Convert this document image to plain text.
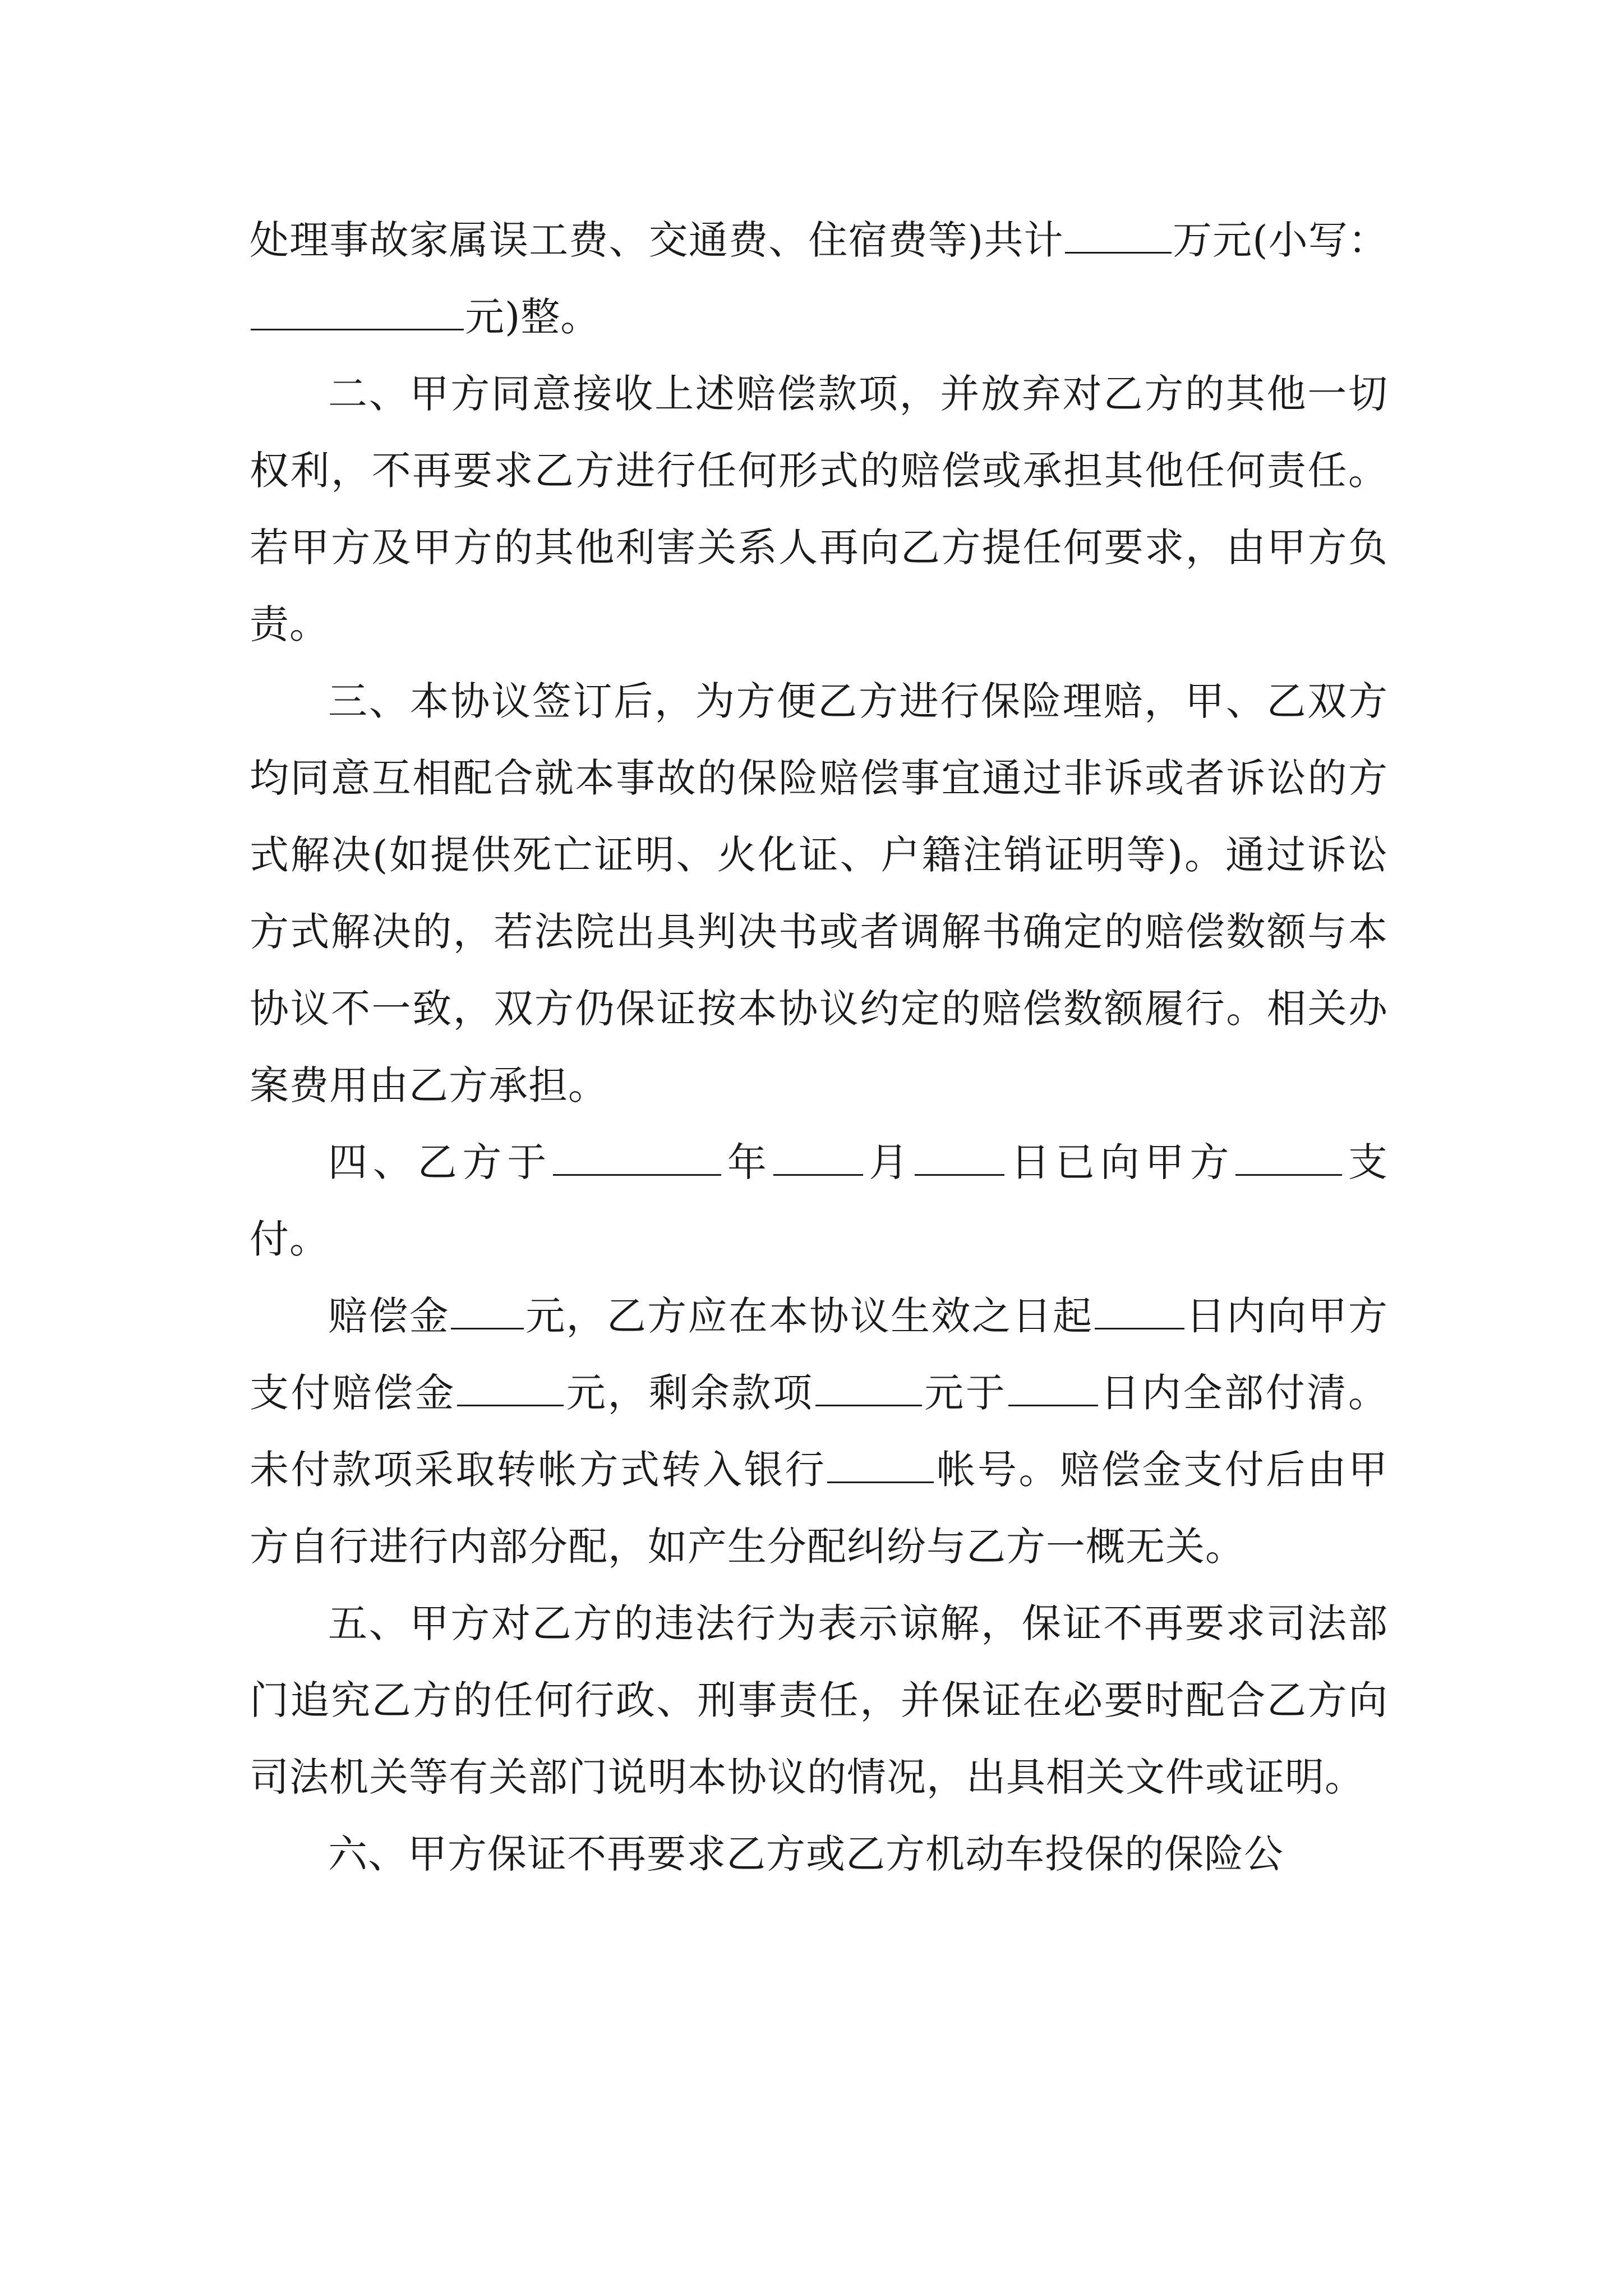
处理事故家属误工费、交通费、住宿费等)共计	万元(小写：元)整。

二、甲方同意接收上述赔偿款项，并放弃对乙方的其他一切权利，不再要求乙方进行任何形式的赔偿或承担其他任何责任。若甲方及甲方的其他利害关系人再向乙方提任何要求，由甲方负责。

三、本协议签订后，为方便乙方进行保险理赔，甲、乙双方均同意互相配合就本事故的保险赔偿事宜通过非诉或者诉讼的方式解决(如提供死亡证明、火化证、户籍注销证明等)。通过诉讼方式解决的，若法院出具判决书或者调解书确定的赔偿数额与本协议不一致，双方仍保证按本协议约定的赔偿数额履行。相关办案费用由乙方承担。

四、乙方于	年 月 日已向甲方	支付。

赔偿金 元，乙方应在本协议生效之日起 日内向甲方支付赔偿金	元，剩余款项	元于 日内全部付清。未付款项采取转帐方式转入银行	帐号。赔偿金支付后由甲方自行进行内部分配，如产生分配纠纷与乙方一概无关。

五、甲方对乙方的违法行为表示谅解，保证不再要求司法部门追究乙方的任何行政、刑事责任，并保证在必要时配合乙方向司法机关等有关部门说明本协议的情况，出具相关文件或证明。

六、甲方保证不再要求乙方或乙方机动车投保的保险公
